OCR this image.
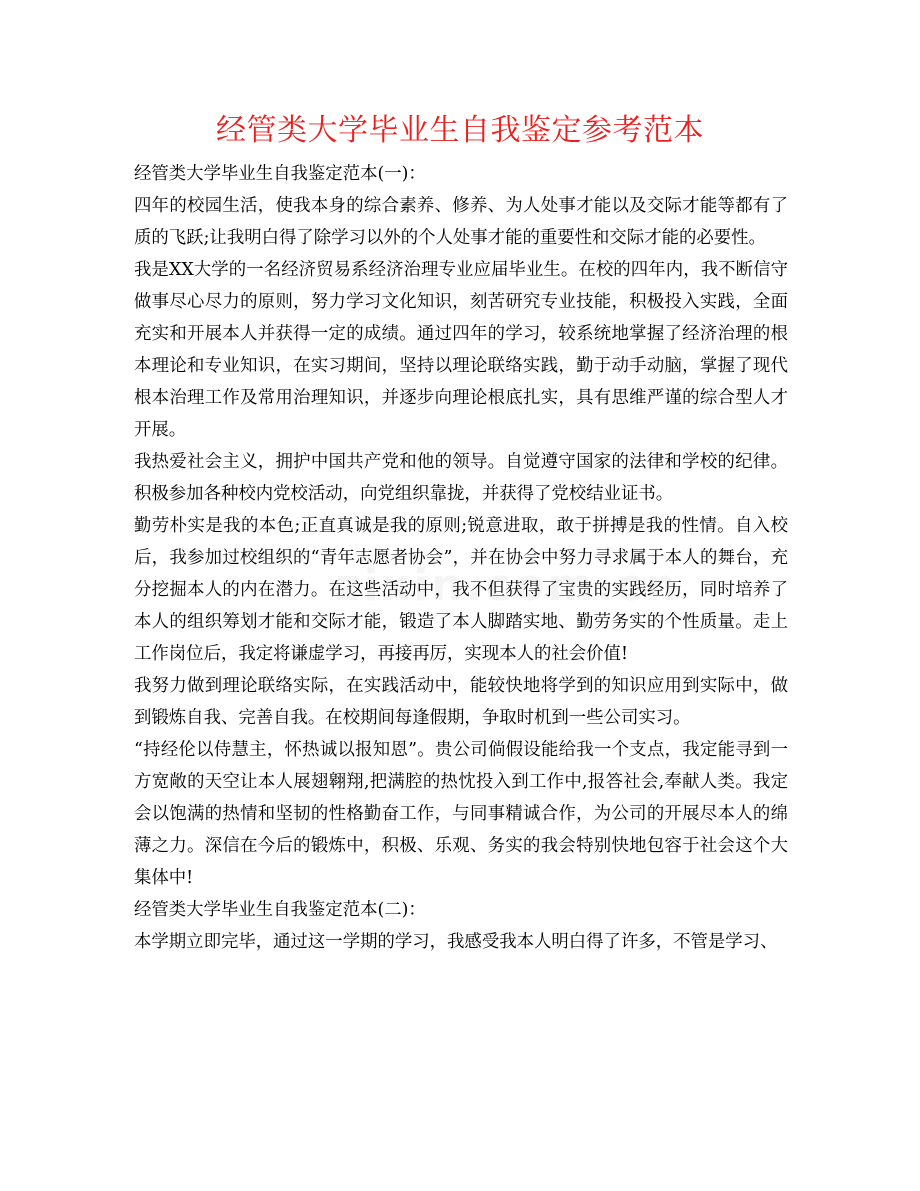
经管类大学毕业生自我鉴定参考范本

经管类大学毕业生自我鉴定范本(一)：

四年的校园生活，使我本身的综合素养、修养、为人处事才能以及交际才能等都有了质的飞跃;让我明白得了除学习以外的个人处事才能的重要性和交际才能的必要性。

我是XX大学的一名经济贸易系经济治理专业应届毕业生。在校的四年内，我不断信守做事尽心尽力的原则，努力学习文化知识，刻苦研究专业技能，积极投入实践，全面充实和开展本人并获得一定的成绩。通过四年的学习，较系统地掌握了经济治理的根本理论和专业知识，在实习期间，坚持以理论联络实践，勤于动手动脑，掌握了现代根本治理工作及常用治理知识，并逐步向理论根底扎实，具有思维严谨的综合型人才开展。

我热爱社会主义，拥护中国共产党和他的领导。自觉遵守国家的法律和学校的纪律。积极参加各种校内党校活动，向党组织靠拢，并获得了党校结业证书。

勤劳朴实是我的本色;正直真诚是我的原则;锐意进取，敢于拼搏是我的性情。自入校后，我参加过校组织的“青年志愿者协会”，并在协会中努力寻求属于本人的舞台，充分挖掘本人的内在潜力。在这些活动中，我不但获得了宝贵的实践经历，同时培养了本人的组织筹划才能和交际才能，锻造了本人脚踏实地、勤劳务实的个性质量。走上工作岗位后，我定将谦虚学习，再接再厉，实现本人的社会价值!

我努力做到理论联络实际，在实践活动中，能较快地将学到的知识应用到实际中，做到锻炼自我、完善自我。在校期间每逢假期，争取时机到一些公司实习。

“持经伦以侍慧主，怀热诚以报知恩”。贵公司倘假设能给我一个支点，我定能寻到一方宽敞的天空让本人展翅翱翔,把满腔的热忱投入到工作中,报答社会,奉献人类。我定会以饱满的热情和坚韧的性格勤奋工作，与同事精诚合作，为公司的开展尽本人的绵薄之力。深信在今后的锻炼中，积极、乐观、务实的我会特别快地包容于社会这个大集体中!

经管类大学毕业生自我鉴定范本(二)：

本学期立即完毕，通过这一学期的学习，我感受我本人明白得了许多，不管是学习、
